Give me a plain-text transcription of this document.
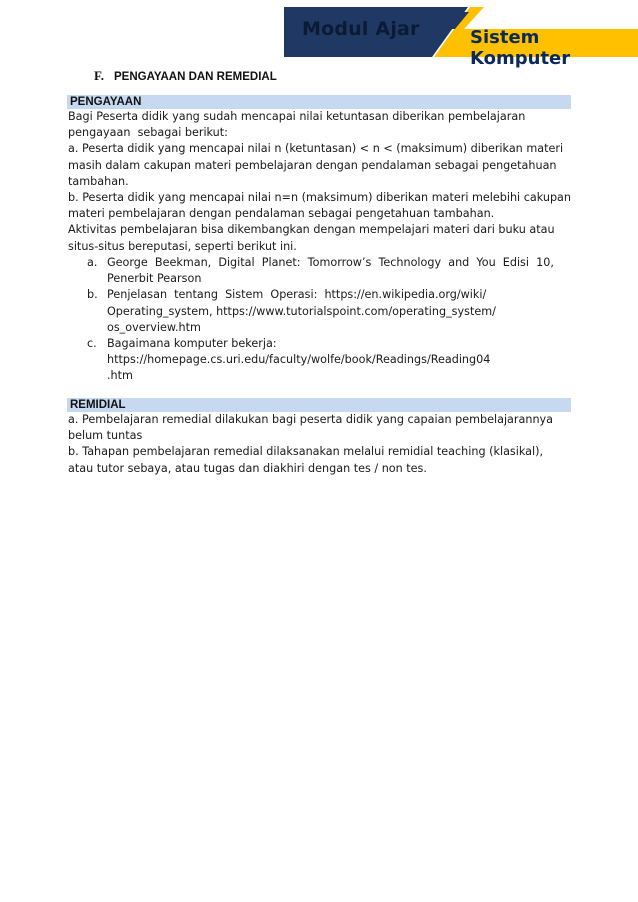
Modul Ajar	Sistem Komputer
F. PENGAYAAN DAN REMEDIAL
PENGAYAAN
Bagi Peserta didik yang sudah mencapai nilai ketuntasan diberikan pembelajaran
pengayaan  sebagai berikut:
a. Peserta didik yang mencapai nilai n (ketuntasan) < n < (maksimum) diberikan materi
masih dalam cakupan materi pembelajaran dengan pendalaman sebagai pengetahuan
tambahan.
b. Peserta didik yang mencapai nilai n=n (maksimum) diberikan materi melebihi cakupan
materi pembelajaran dengan pendalaman sebagai pengetahuan tambahan.
Aktivitas pembelajaran bisa dikembangkan dengan mempelajari materi dari buku atau
situs-situs bereputasi, seperti berikut ini.
a. George  Beekman,  Digital  Planet:  Tomorrow’s  Technology  and  You  Edisi  10,
Penerbit Pearson
b. Penjelasan  tentang  Sistem  Operasi:  https://en.wikipedia.org/wiki/
Operating_system, https://www.tutorialspoint.com/operating_system/
os_overview.htm
c. Bagaimana komputer bekerja:
https://homepage.cs.uri.edu/faculty/wolfe/book/Readings/Reading04
.htm
REMIDIAL
a. Pembelajaran remedial dilakukan bagi peserta didik yang capaian pembelajarannya
belum tuntas
b. Tahapan pembelajaran remedial dilaksanakan melalui remidial teaching (klasikal),
atau tutor sebaya, atau tugas dan diakhiri dengan tes / non tes.
